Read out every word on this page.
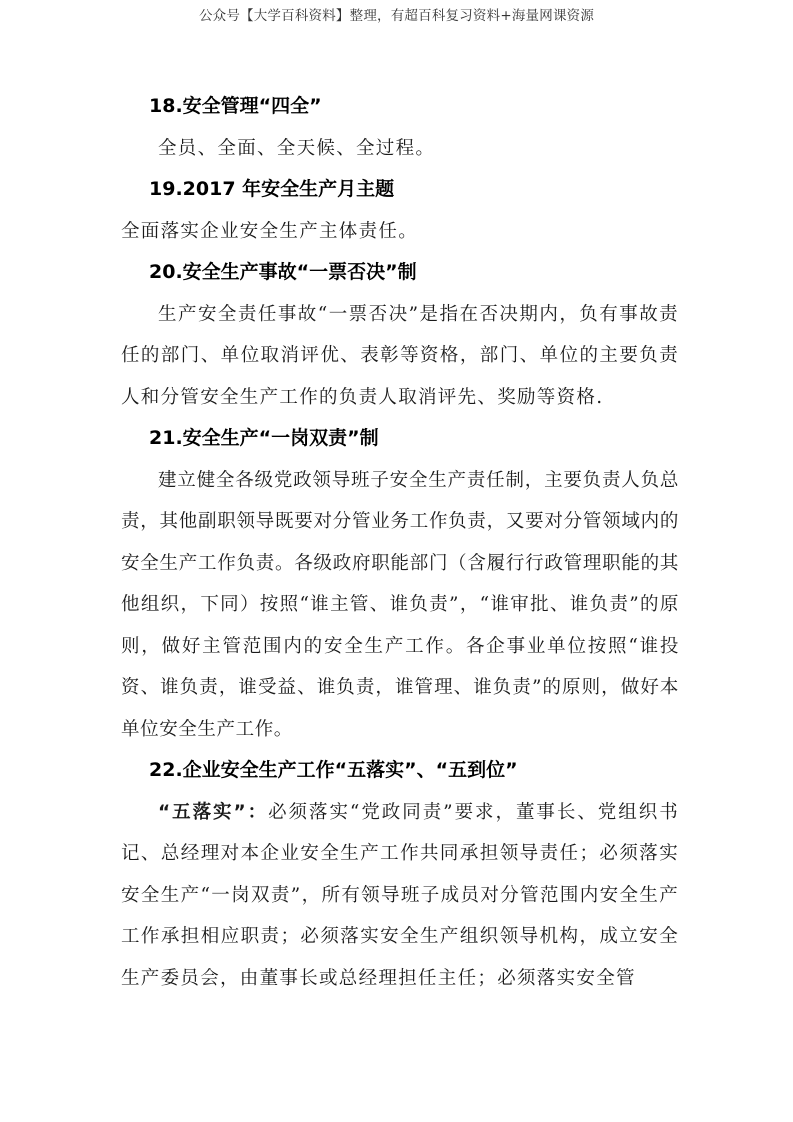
公众号【大学百科资料】整理，有超百科复习资料+海量网课资源
18.安全管理“四全”

全员、全面、全天候、全过程。

19.2017 年安全生产月主题

全面落实企业安全生产主体责任。

20.安全生产事故“一票否决”制

生产安全责任事故“一票否决”是指在否决期内，负有事故责任的部门、单位取消评优、表彰等资格，部门、单位的主要负责人和分管安全生产工作的负责人取消评先、奖励等资格.

21.安全生产“一岗双责”制

建立健全各级党政领导班子安全生产责任制，主要负责人负总责，其他副职领导既要对分管业务工作负责，又要对分管领域内的安全生产工作负责。各级政府职能部门（含履行行政管理职能的其他组织，下同）按照“谁主管、谁负责”，“谁审批、谁负责”的原则，做好主管范围内的安全生产工作。各企事业单位按照“谁投资、谁负责，谁受益、谁负责，谁管理、谁负责”的原则，做好本单位安全生产工作。

22.企业安全生产工作“五落实”、“五到位”

“五落实”：必须落实“党政同责”要求，董事长、党组织书记、总经理对本企业安全生产工作共同承担领导责任；必须落实安全生产“一岗双责”，所有领导班子成员对分管范围内安全生产工作承担相应职责；必须落实安全生产组织领导机构，成立安全生产委员会，由董事长或总经理担任主任；必须落实安全管
